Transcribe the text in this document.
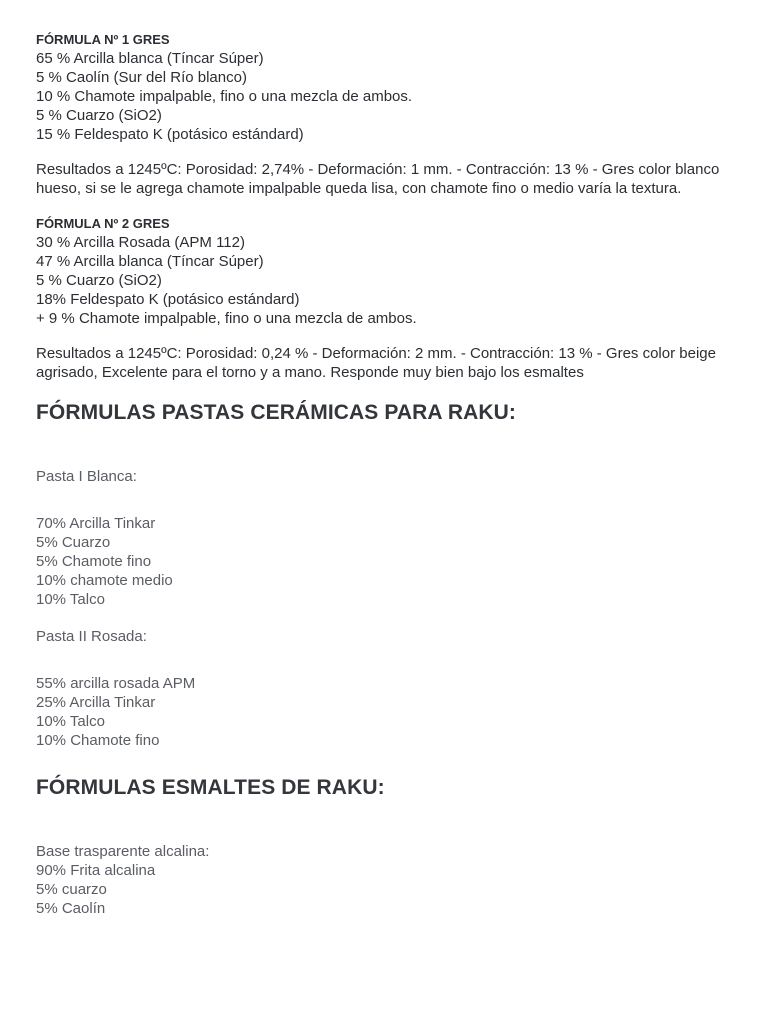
FÓRMULA Nº 1 GRES

65 % Arcilla blanca (Tíncar Súper)

5 % Caolín (Sur del Río blanco)

10 % Chamote impalpable, fino o una mezcla de ambos.

5 % Cuarzo (SiO2)

15 % Feldespato K (potásico estándard)

Resultados a 1245ºC: Porosidad: 2,74% - Deformación: 1 mm. - Contracción: 13 % - Gres color blanco hueso, si se le agrega chamote impalpable queda lisa, con chamote fino o medio varía la textura.

FÓRMULA Nº 2 GRES

30 % Arcilla Rosada (APM 112)

47 % Arcilla blanca (Tíncar Súper)

5 % Cuarzo (SiO2)

18% Feldespato K (potásico estándard)

+ 9 % Chamote impalpable, fino o una mezcla de ambos.

Resultados a 1245ºC: Porosidad: 0,24 % - Deformación: 2 mm. - Contracción: 13 % - Gres color beige agrisado, Excelente para el torno y a mano. Responde muy bien bajo los esmaltes

FÓRMULAS PASTAS CERÁMICAS PARA RAKU:

Pasta I Blanca:

70% Arcilla Tinkar

5% Cuarzo

5% Chamote fino

10% chamote medio

10% Talco

Pasta II Rosada:

55% arcilla rosada APM

25% Arcilla Tinkar

10% Talco

10% Chamote fino

FÓRMULAS ESMALTES DE RAKU:

Base trasparente alcalina:

90% Frita alcalina

5% cuarzo

5% Caolín
